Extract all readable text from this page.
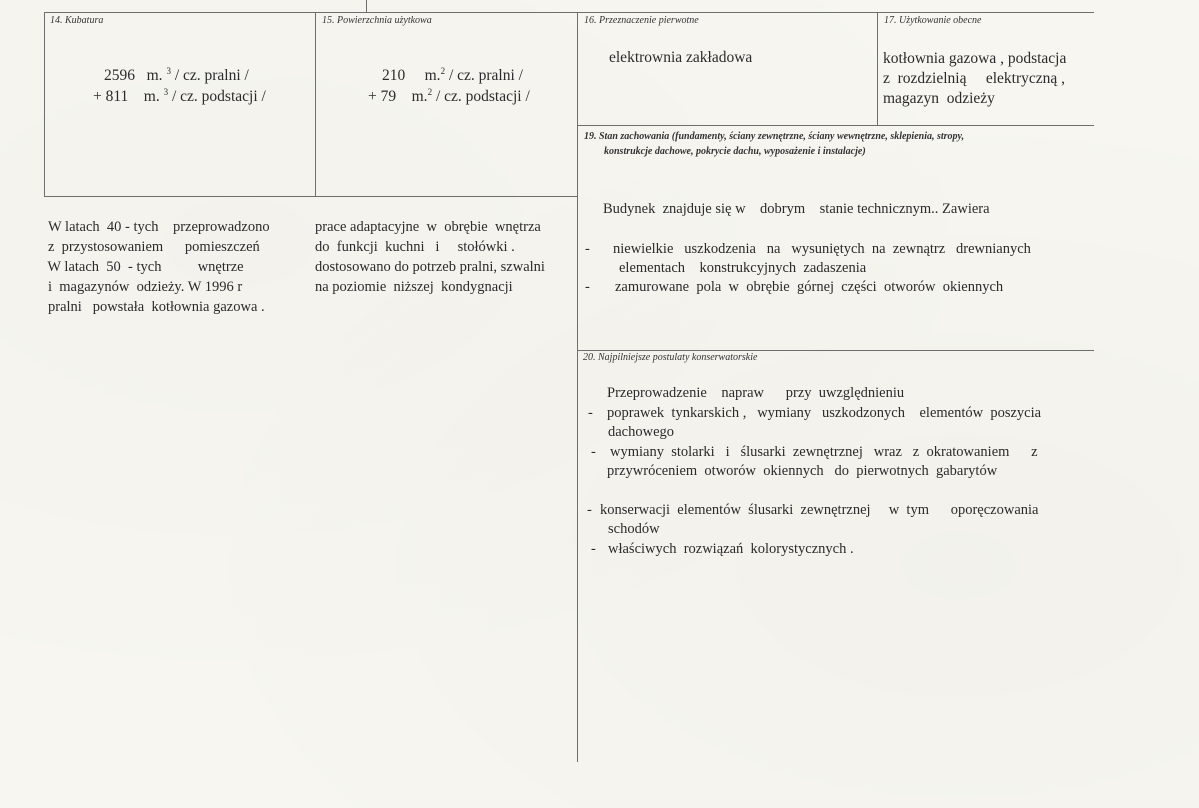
14. Kubatura
2596 m. $^3$ / cz. pralni /
+ 811 m. $^3$ / cz. podstacji /
15. Powierzchnia użytkowa
210 m.$^2$ / cz. pralni /
+ 79 m.$^2$ / cz. podstacji /
16. Przeznaczenie pierwotne
elektrownia zakładowa
17. Użytkowanie obecne
kotłownia gazowa , podstacja
z  rozdzielnią     elektryczną ,
magazyn  odzieży
W latach  40 - tych    przeprowadzono
z  przystosowaniem      pomieszczeń
W latach  50  - tych          wnętrze
i  magazynów  odzieży. W 1996 r
pralni   powstała  kotłownia gazowa .
prace adaptacyjne  w  obrębie  wnętrza
do  funkcji  kuchni   i     stołówki .
dostosowano do potrzeb pralni, szwalni
na poziomie  niższej  kondygnacji
19. Stan zachowania (fundamenty, ściany zewnętrzne, ściany wewnętrzne, sklepienia, stropy,
konstrukcje dachowe, pokrycie dachu, wyposażenie i instalacje)
Budynek  znajduje się w    dobrym    stanie technicznym.. Zawiera
- niewielkie   uszkodzenia   na   wysuniętych  na  zewnątrz   drewnianych
elementach    konstrukcyjnych  zadaszenia
- zamurowane  pola  w  obrębie  górnej  części  otworów  okiennych
20. Najpilniejsze postulaty konserwatorskie
Przeprowadzenie    napraw      przy  uwzględnieniu
- poprawek  tynkarskich ,   wymiany   uszkodzonych    elementów  poszycia
dachowego
- wymiany  stolarki   i   ślusarki  zewnętrznej   wraz   z  okratowaniem      z
przywróceniem  otworów  okiennych   do  pierwotnych  gabarytów
- konserwacji  elementów  ślusarki  zewnętrznej     w  tym      oporęczowania
schodów
- właściwych  rozwiązań  kolorystycznych .
